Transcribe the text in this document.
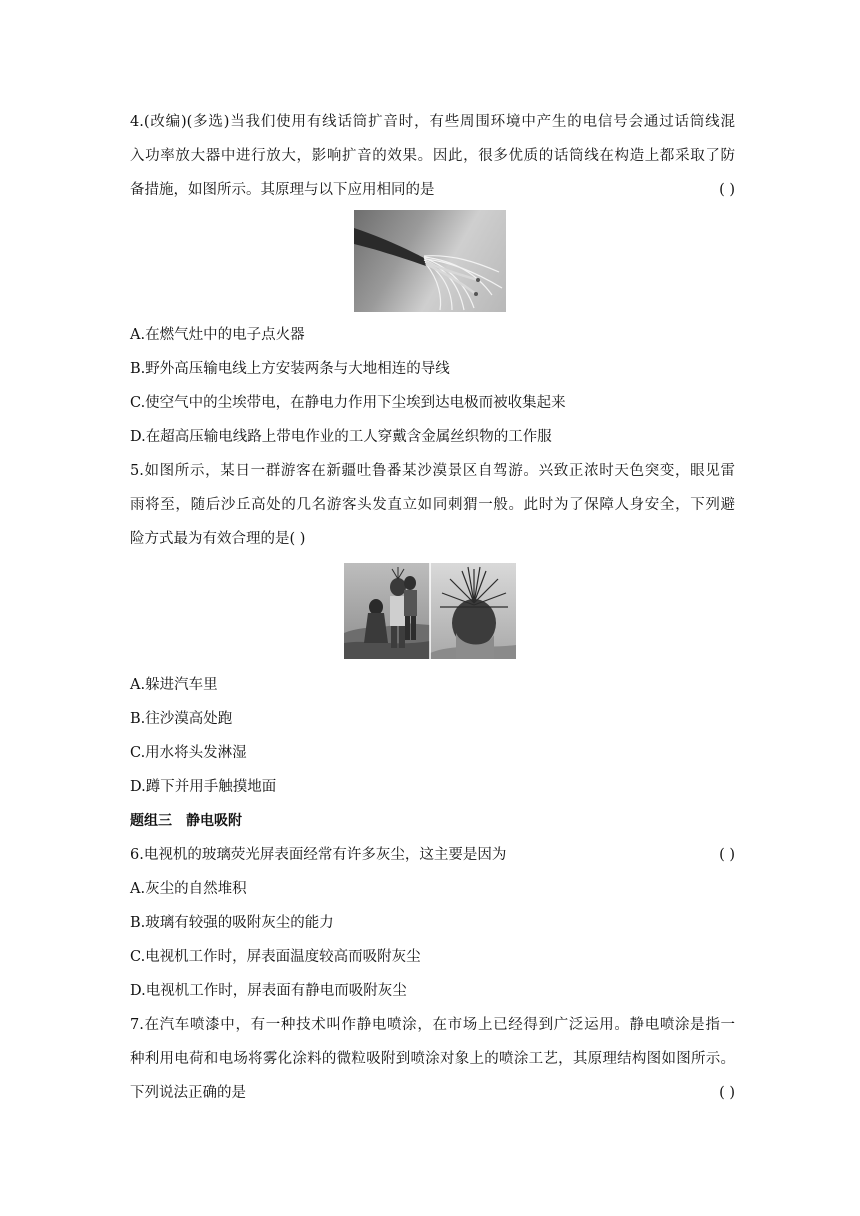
4.(改编)(多选)当我们使用有线话筒扩音时，有些周围环境中产生的电信号会通过话筒线混
入功率放大器中进行放大，影响扩音的效果。因此，很多优质的话筒线在构造上都采取了防
备措施，如图所示。其原理与以下应用相同的是	( )
A.在燃气灶中的电子点火器
B.野外高压输电线上方安装两条与大地相连的导线
C.使空气中的尘埃带电，在静电力作用下尘埃到达电极而被收集起来
D.在超高压输电线路上带电作业的工人穿戴含金属丝织物的工作服
5.如图所示，某日一群游客在新疆吐鲁番某沙漠景区自驾游。兴致正浓时天色突变，眼见雷
雨将至，随后沙丘高处的几名游客头发直立如同刺猬一般。此时为了保障人身安全，下列避
险方式最为有效合理的是( )
A.躲进汽车里
B.往沙漠高处跑
C.用水将头发淋湿
D.蹲下并用手触摸地面
题组三　静电吸附
6.电视机的玻璃荧光屏表面经常有许多灰尘，这主要是因为	( )
A.灰尘的自然堆积
B.玻璃有较强的吸附灰尘的能力
C.电视机工作时，屏表面温度较高而吸附灰尘
D.电视机工作时，屏表面有静电而吸附灰尘
7.在汽车喷漆中，有一种技术叫作静电喷涂，在市场上已经得到广泛运用。静电喷涂是指一
种利用电荷和电场将雾化涂料的微粒吸附到喷涂对象上的喷涂工艺，其原理结构图如图所示。
下列说法正确的是	( )
